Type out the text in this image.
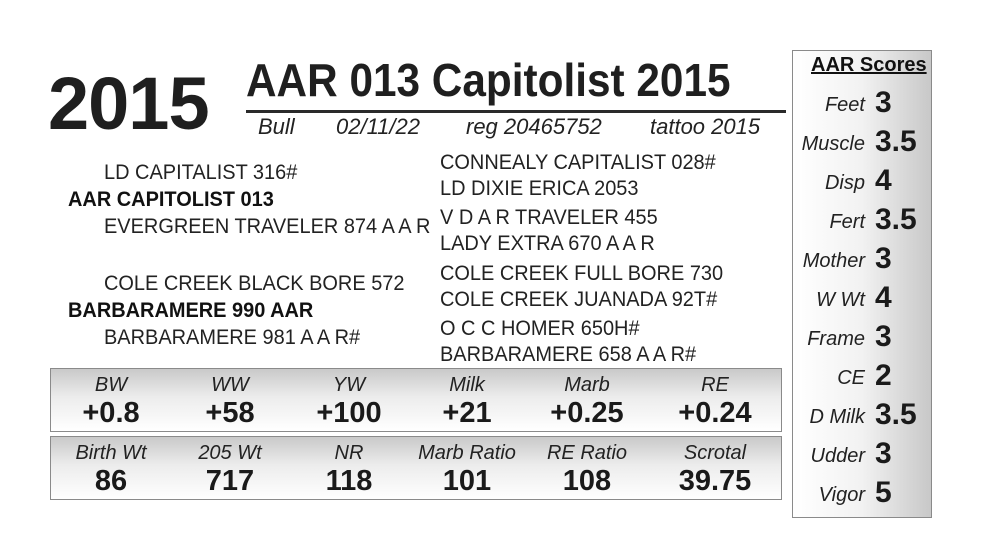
2015 AAR 013 Capitolist 2015
Bull 02/11/22 reg 20465752 tattoo 2015
LD CAPITALIST 316#
AAR CAPITOLIST 013
EVERGREEN TRAVELER 874 A A R
CONNEALY CAPITALIST 028#
LD DIXIE ERICA 2053
V D A R TRAVELER 455
LADY EXTRA 670 A A R
COLE CREEK BLACK BORE 572
BARBARAMERE 990 AAR
BARBARAMERE 981 A A R#
COLE CREEK FULL BORE 730
COLE CREEK JUANADA 92T#
O C C HOMER 650H#
BARBARAMERE 658 A A R#
BW
+0.8
WW
+58
YW
+100
Milk
+21
Marb
+0.25
RE
+0.24
Birth Wt
86
205 Wt
717
NR
118
Marb Ratio
101
RE Ratio
108
Scrotal
39.75
AAR Scores
Feet 3
Muscle 3.5
Disp 4
Fert 3.5
Mother 3
W Wt 4
Frame 3
CE 2
D Milk 3.5
Udder 3
Vigor 5
